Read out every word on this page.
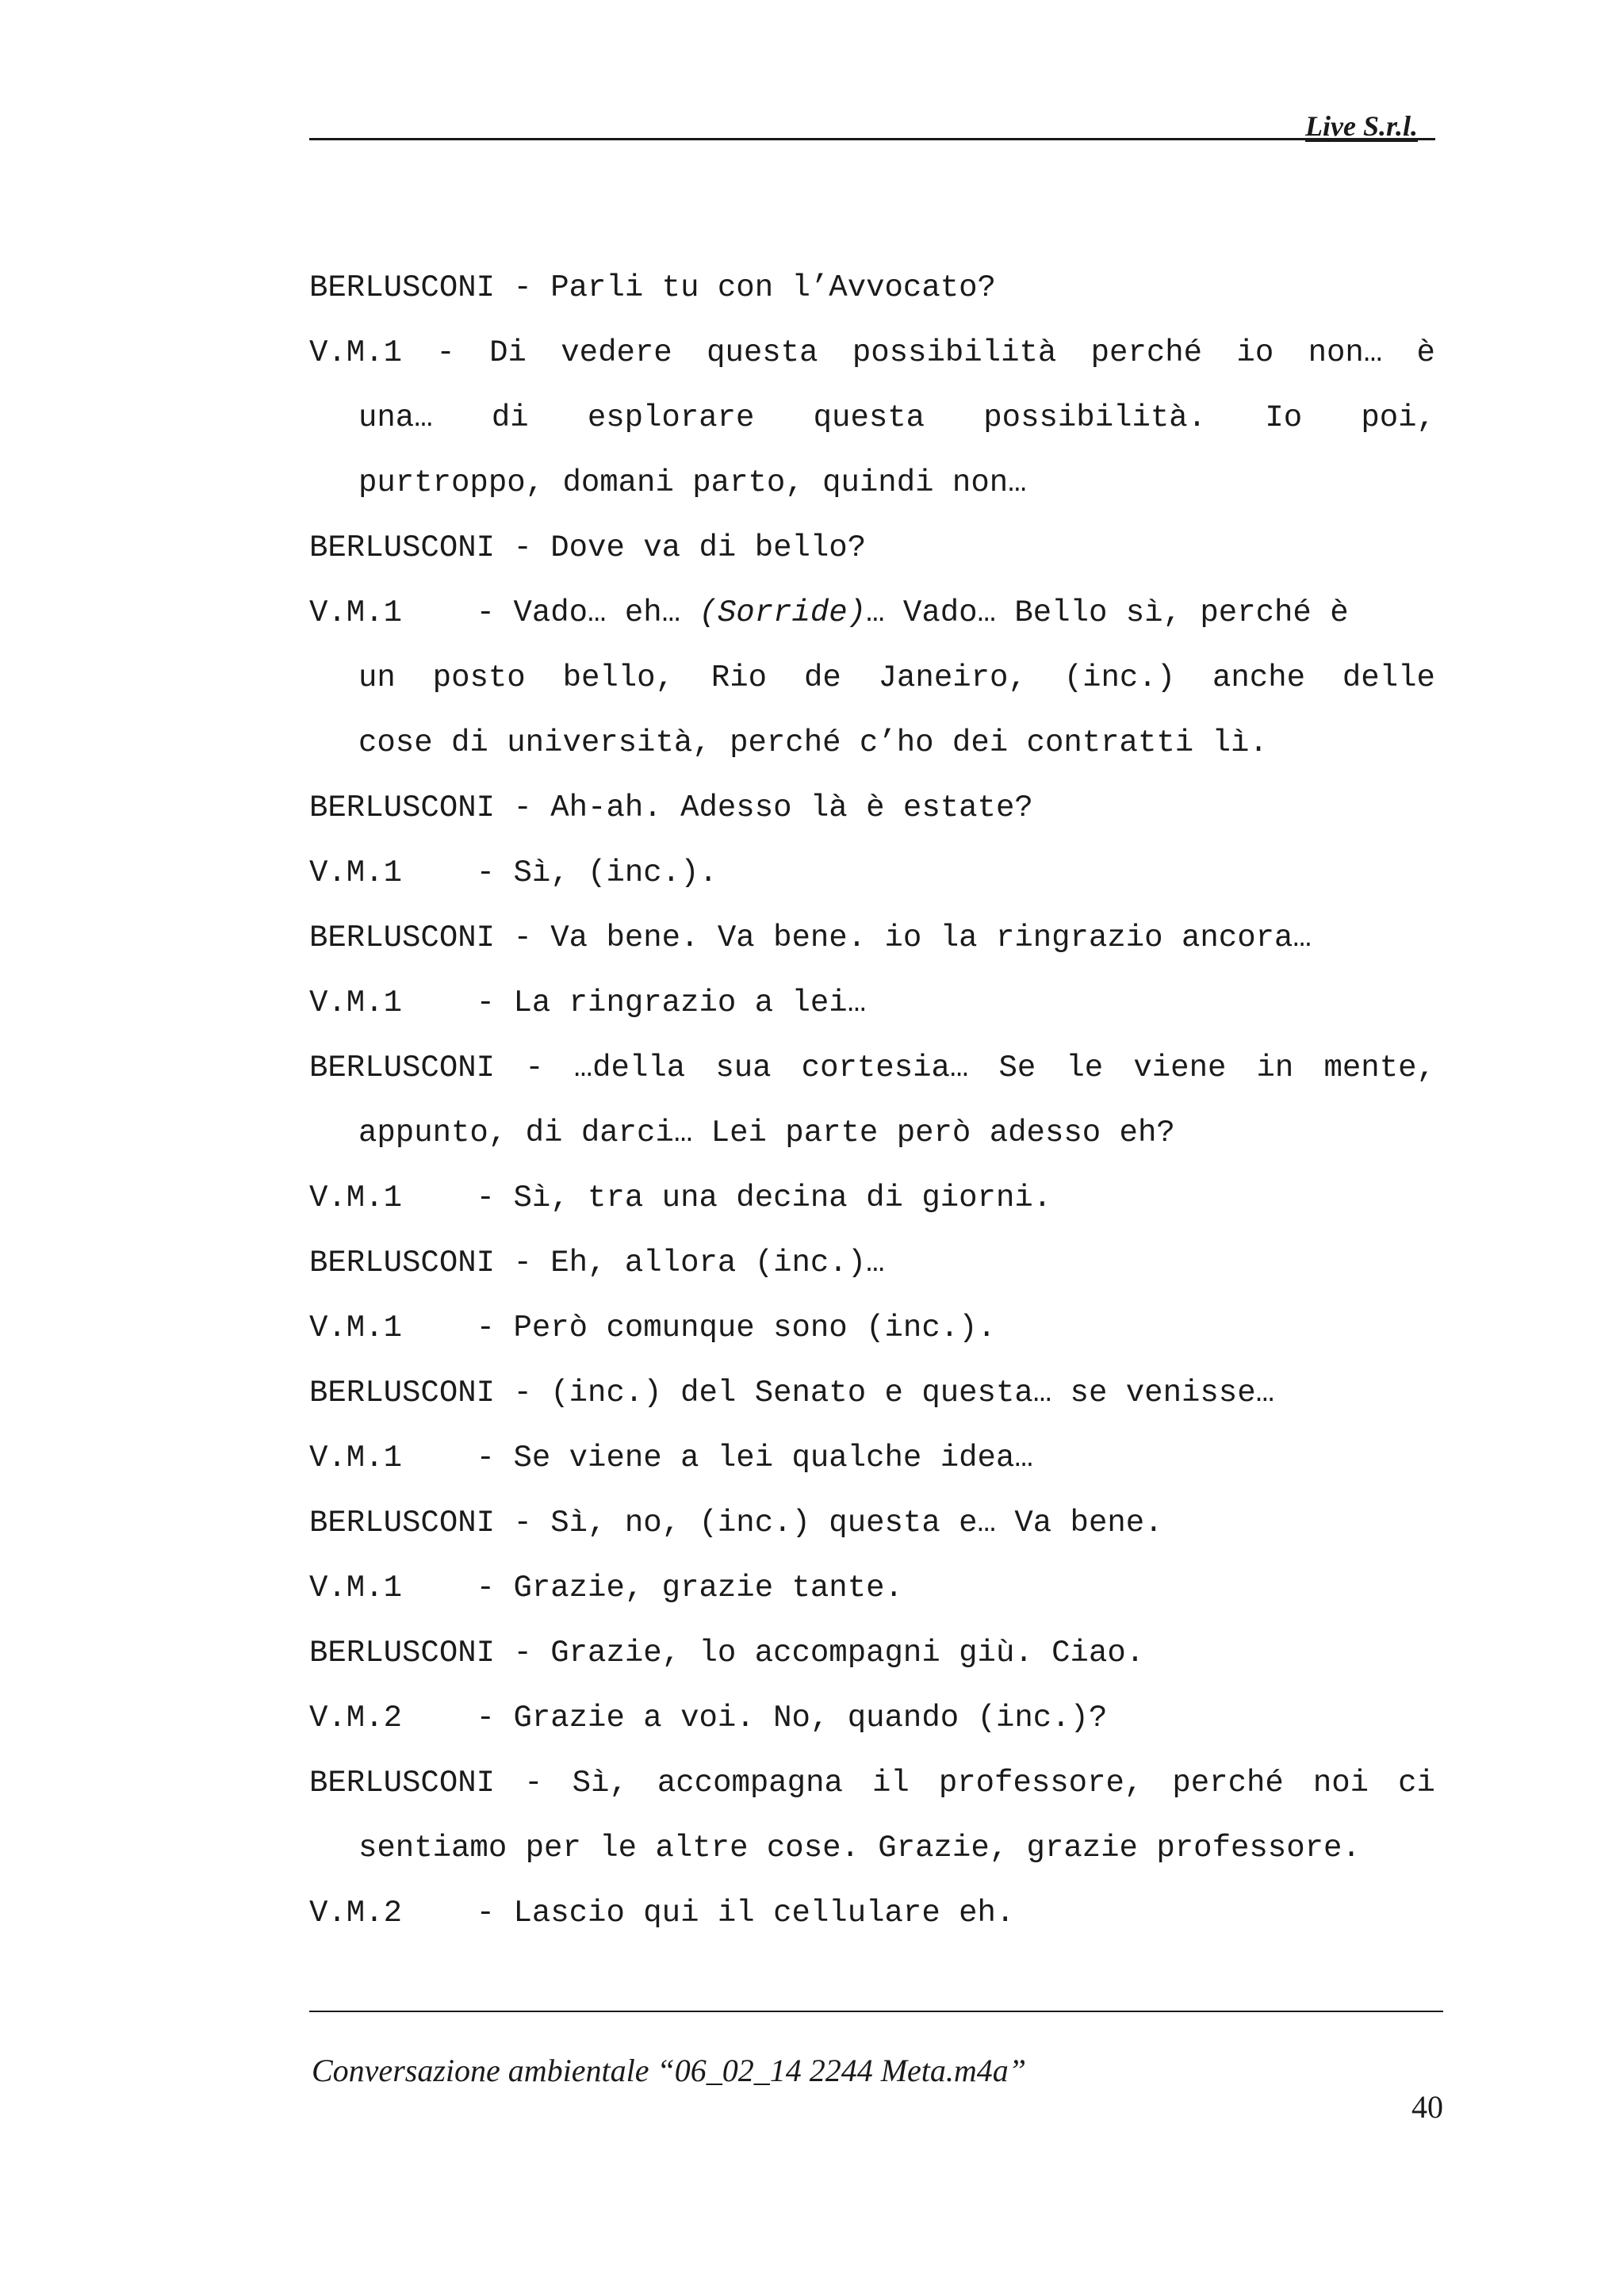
Live S.r.l.
BERLUSCONI - Parli tu con l’Avvocato?
V.M.1 - Di vedere questa possibilità perché io non… è
una… di esplorare questa possibilità. Io poi,
purtroppo, domani parto, quindi non…
BERLUSCONI - Dove va di bello?
V.M.1    - Vado… eh… (Sorride) … Vado… Bello sì, perché è
un posto bello, Rio de Janeiro, (inc.) anche delle
cose di università, perché c’ho dei contratti lì.
BERLUSCONI - Ah-ah. Adesso là è estate?
V.M.1    - Sì, (inc.).
BERLUSCONI - Va bene. Va bene. io la ringrazio ancora…
V.M.1    - La ringrazio a lei…
BERLUSCONI - …della sua cortesia… Se le viene in mente,
appunto, di darci… Lei parte però adesso eh?
V.M.1    - Sì, tra una decina di giorni.
BERLUSCONI - Eh, allora (inc.)…
V.M.1    - Però comunque sono (inc.).
BERLUSCONI - (inc.) del Senato e questa… se venisse…
V.M.1    - Se viene a lei qualche idea…
BERLUSCONI - Sì, no, (inc.) questa e… Va bene.
V.M.1    - Grazie, grazie tante.
BERLUSCONI - Grazie, lo accompagni giù. Ciao.
V.M.2    - Grazie a voi. No, quando (inc.)?
BERLUSCONI - Sì, accompagna il professore, perché noi ci
sentiamo per le altre cose. Grazie, grazie professore.
V.M.2    - Lascio qui il cellulare eh.
Conversazione ambientale “06_02_14 2244 Meta.m4a”
40
